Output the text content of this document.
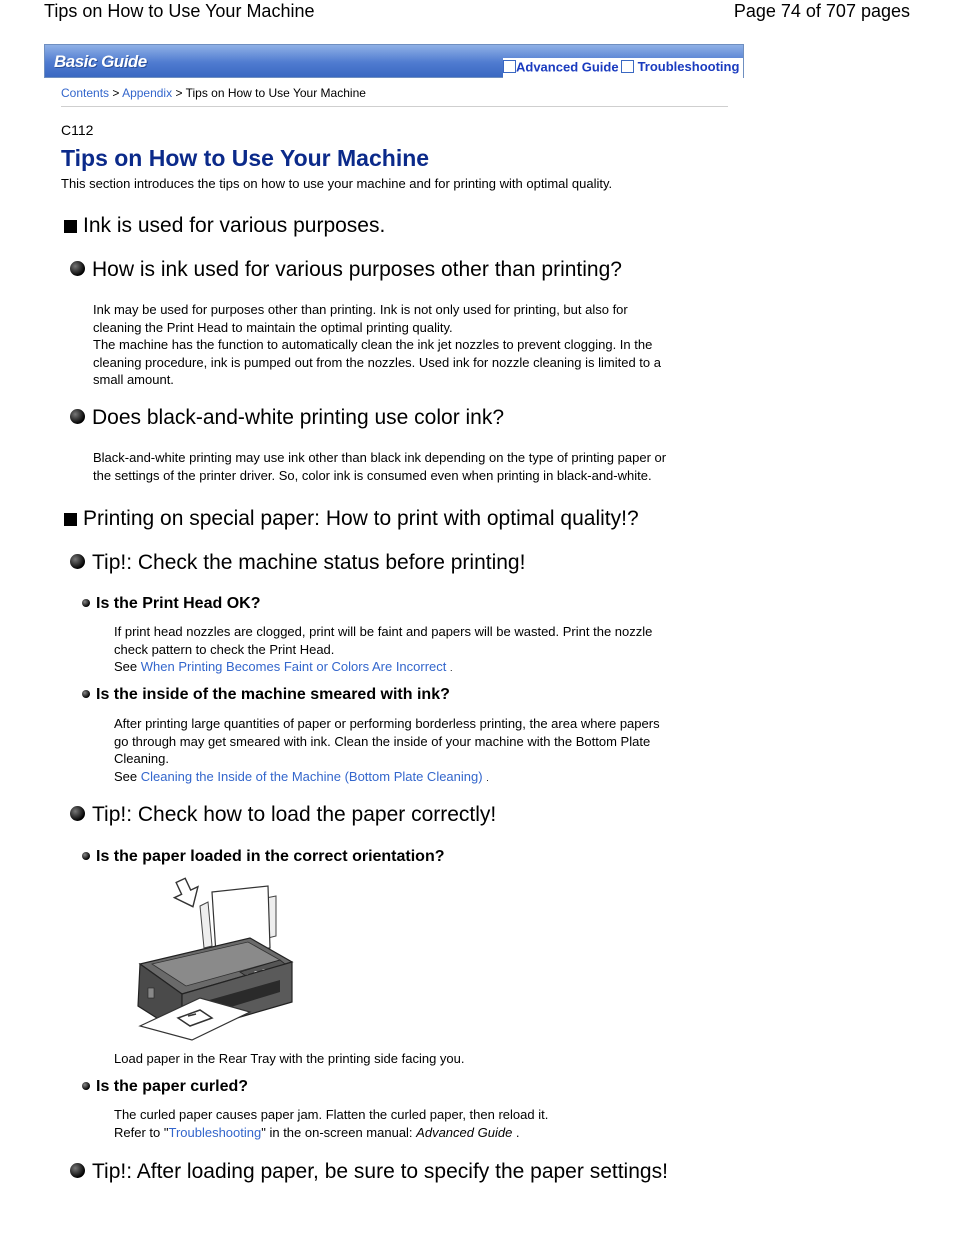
Tips on How to Use Your Machine	Page 74 of 707 pages
Basic Guide	Advanced Guide Troubleshooting
Contents > Appendix > Tips on How to Use Your Machine
C112
Tips on How to Use Your Machine
This section introduces the tips on how to use your machine and for printing with optimal quality.
Ink is used for various purposes.
How is ink used for various purposes other than printing?
Ink may be used for purposes other than printing. Ink is not only used for printing, but also for
cleaning the Print Head to maintain the optimal printing quality.
The machine has the function to automatically clean the ink jet nozzles to prevent clogging. In the
cleaning procedure, ink is pumped out from the nozzles. Used ink for nozzle cleaning is limited to a
small amount.
Does black-and-white printing use color ink?
Black-and-white printing may use ink other than black ink depending on the type of printing paper or
the settings of the printer driver. So, color ink is consumed even when printing in black-and-white.
Printing on special paper: How to print with optimal quality!?
Tip!: Check the machine status before printing!
Is the Print Head OK?
If print head nozzles are clogged, print will be faint and papers will be wasted. Print the nozzle
check pattern to check the Print Head.
See When Printing Becomes Faint or Colors Are Incorrect .
Is the inside of the machine smeared with ink?
After printing large quantities of paper or performing borderless printing, the area where papers
go through may get smeared with ink. Clean the inside of your machine with the Bottom Plate
Cleaning.
See Cleaning the Inside of the Machine (Bottom Plate Cleaning) .
Tip!: Check how to load the paper correctly!
Is the paper loaded in the correct orientation?
Load paper in the Rear Tray with the printing side facing you.
Is the paper curled?
The curled paper causes paper jam. Flatten the curled paper, then reload it.
Refer to "Troubleshooting" in the on-screen manual: Advanced Guide .
Tip!: After loading paper, be sure to specify the paper settings!
